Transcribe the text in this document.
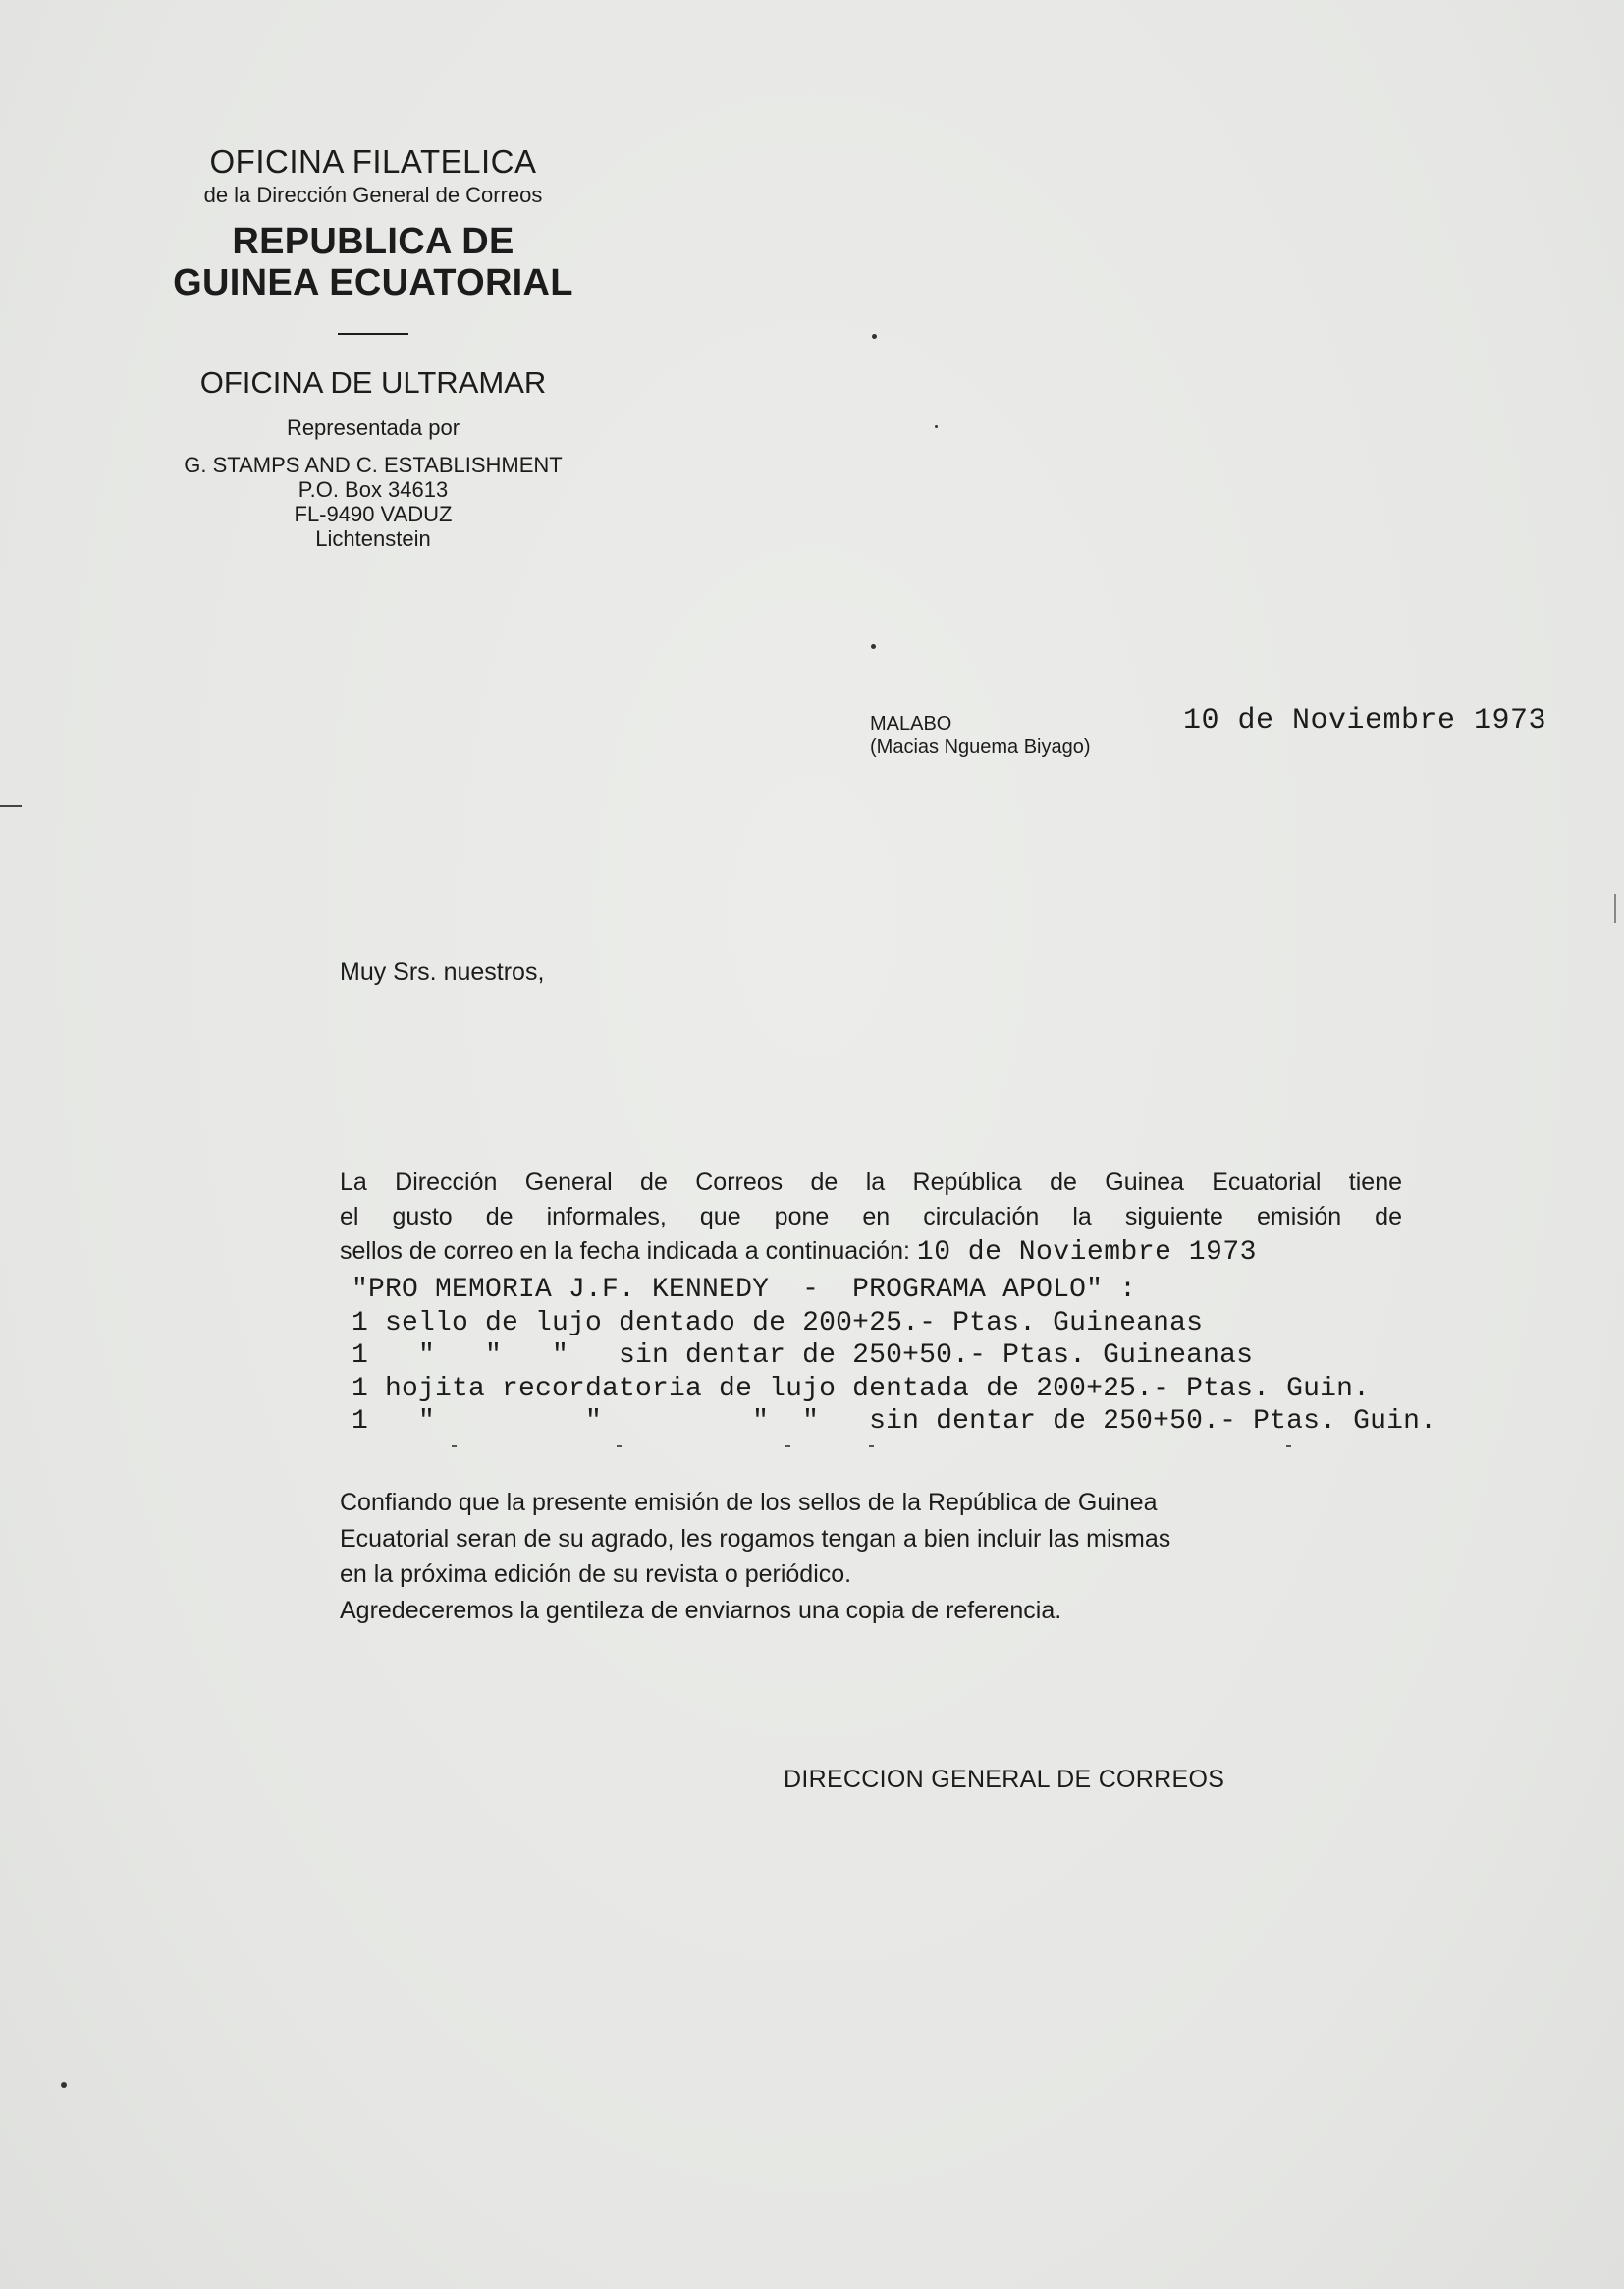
OFICINA FILATELICA
de la Dirección General de Correos
REPUBLICA DE
GUINEA ECUATORIAL
OFICINA DE ULTRAMAR
Representada por
G. STAMPS AND C. ESTABLISHMENT
P.O. Box 34613
FL-9490 VADUZ
Lichtenstein
MALABO
(Macias Nguema Biyago)
10 de Noviembre 1973
Muy Srs. nuestros,
La Dirección General de Correos de la República de Guinea Ecuatorial tiene
el gusto de informales, que pone en circulación la siguiente emisión de
sellos de correo en la fecha indicada a continuación: 10 de Noviembre 1973
"PRO MEMORIA J.F. KENNEDY  -  PROGRAMA APOLO" :
1 sello de lujo dentado de 200+25.- Ptas. Guineanas
1   "   "   "   sin dentar de 250+50.- Ptas. Guineanas
1 hojita recordatoria de lujo dentada de 200+25.- Ptas. Guin.
1   "         "         "  "   sin dentar de 250+50.- Ptas. Guin.
Confiando que la presente emisión de los sellos de la República de Guinea
Ecuatorial seran de su agrado, les rogamos tengan a bien incluir las mismas
en la próxima edición de su revista o periódico.
Agredeceremos la gentileza de enviarnos una copia de referencia.
DIRECCION GENERAL DE CORREOS
